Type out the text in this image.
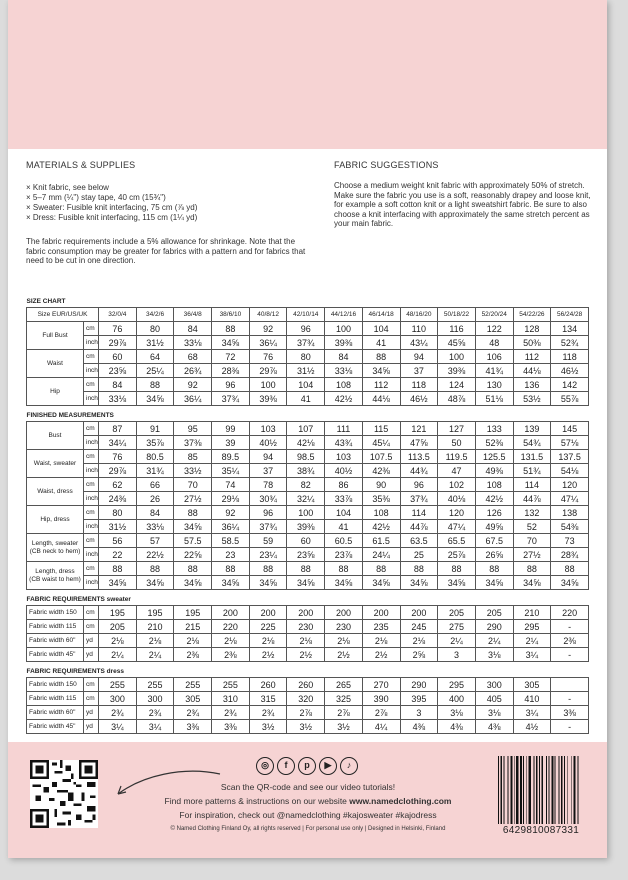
MATERIALS & SUPPLIES
× Knit fabric, see below
× 5–7 mm (¼") stay tape, 40 cm (15¾")
× Sweater: Fusible knit interfacing, 75 cm (⅞ yd)
× Dress: Fusible knit interfacing, 115 cm (1¼ yd)
The fabric requirements include a 5% allowance for shrinkage. Note that the fabric consumption may be greater for fabrics with a pattern and for fabrics that need to be cut in one direction.
FABRIC SUGGESTIONS
Choose a medium weight knit fabric with approximately 50% of stretch. Make sure the fabric you use is a soft, reasonably drapey and loose knit, for example a soft cotton knit or a light sweatshirt fabric. Be sure to also choose a knit interfacing with approximately the same stretch percent as your main fabric.
SIZE CHART														
Size EUR/US/UK		32/0/4	34/2/6	36/4/8	38/6/10	40/8/12	42/10/14	44/12/16	46/14/18	48/16/20	50/18/22	52/20/24	54/22/26	56/24/28
Full Bust	cm	76	80	84	88	92	96	100	104	110	116	122	128	134
	inch	29⅞	31½	33⅛	34⅝	36¼	37¾	39⅜	41	43¼	45⅝	48	50⅜	52¾
Waist	cm	60	64	68	72	76	80	84	88	94	100	106	112	118
	inch	23⅝	25¼	26¾	28⅜	29⅞	31½	33⅛	34⅝	37	39⅜	41¾	44⅛	46½
Hip	cm	84	88	92	96	100	104	108	112	118	124	130	136	142
	inch	33⅛	34⅝	36¼	37¾	39⅜	41	42½	44⅛	46½	48⅞	51⅛	53½	55⅞
FINISHED MEASUREMENTS														
Bust	cm	87	91	95	99	103	107	111	115	121	127	133	139	145
	inch	34¼	35⅞	37⅜	39	40½	42⅛	43¾	45¼	47⅝	50	52⅜	54¾	57⅛
Waist, sweater	cm	76	80.5	85	89.5	94	98.5	103	107.5	113.5	119.5	125.5	131.5	137.5
	inch	29⅞	31¾	33½	35¼	37	38¾	40½	42⅜	44¾	47	49⅜	51¾	54⅛
Waist, dress	cm	62	66	70	74	78	82	86	90	96	102	108	114	120
	inch	24⅜	26	27½	29⅛	30¾	32¼	33⅞	35⅜	37¾	40⅛	42½	44⅞	47¼
Hip, dress	cm	80	84	88	92	96	100	104	108	114	120	126	132	138
	inch	31½	33⅛	34⅝	36¼	37¾	39⅜	41	42½	44⅞	47¼	49⅝	52	54⅜
Length, sweater
(CB neck to hem)	cm	56	57	57.5	58.5	59	60	60.5	61.5	63.5	65.5	67.5	70	73
	inch	22	22½	22⅝	23	23¼	23⅝	23⅞	24¼	25	25⅞	26⅝	27½	28¾
Length, dress
(CB waist to hem)	cm	88	88	88	88	88	88	88	88	88	88	88	88	88
	inch	34⅝	34⅝	34⅝	34⅝	34⅝	34⅝	34⅝	34⅝	34⅝	34⅝	34⅝	34⅝	34⅝
FABRIC REQUIREMENTS sweater														
Fabric width 150	cm	195	195	195	200	200	200	200	200	200	205	205	210	220
Fabric width 115	cm	205	210	215	220	225	230	230	235	245	275	290	295	-
Fabric width 60"	yd	2⅛	2⅛	2⅛	2⅛	2⅛	2⅛	2⅛	2⅛	2⅛	2¼	2¼	2¼	2⅜
Fabric width 45"	yd	2¼	2¼	2⅜	2⅜	2½	2½	2½	2½	2⅝	3	3⅛	3¼	-
FABRIC REQUIREMENTS dress														
Fabric width 150	cm	255	255	255	255	260	260	265	270	290	295	300	305	
Fabric width 115	cm	300	300	305	310	315	320	325	390	395	400	405	410	-
Fabric width 60"	yd	2¾	2¾	2¾	2¾	2¾	2⅞	2⅞	2⅞	3	3⅛	3⅛	3¼	3⅜
Fabric width 45"	yd	3¼	3¼	3⅜	3⅜	3½	3½	3½	4¼	4⅜	4⅜	4⅜	4½	-
◎	f	p	▶	♪
Scan the QR-code and see our video tutorials!
Find more patterns & instructions on our website www.namedclothing.com
For inspiration, check out @namedclothing #kajosweater #kajodress
© Named Clothing Finland Oy, all rights reserved | For personal use only | Designed in Helsinki, Finland	6429810087331
